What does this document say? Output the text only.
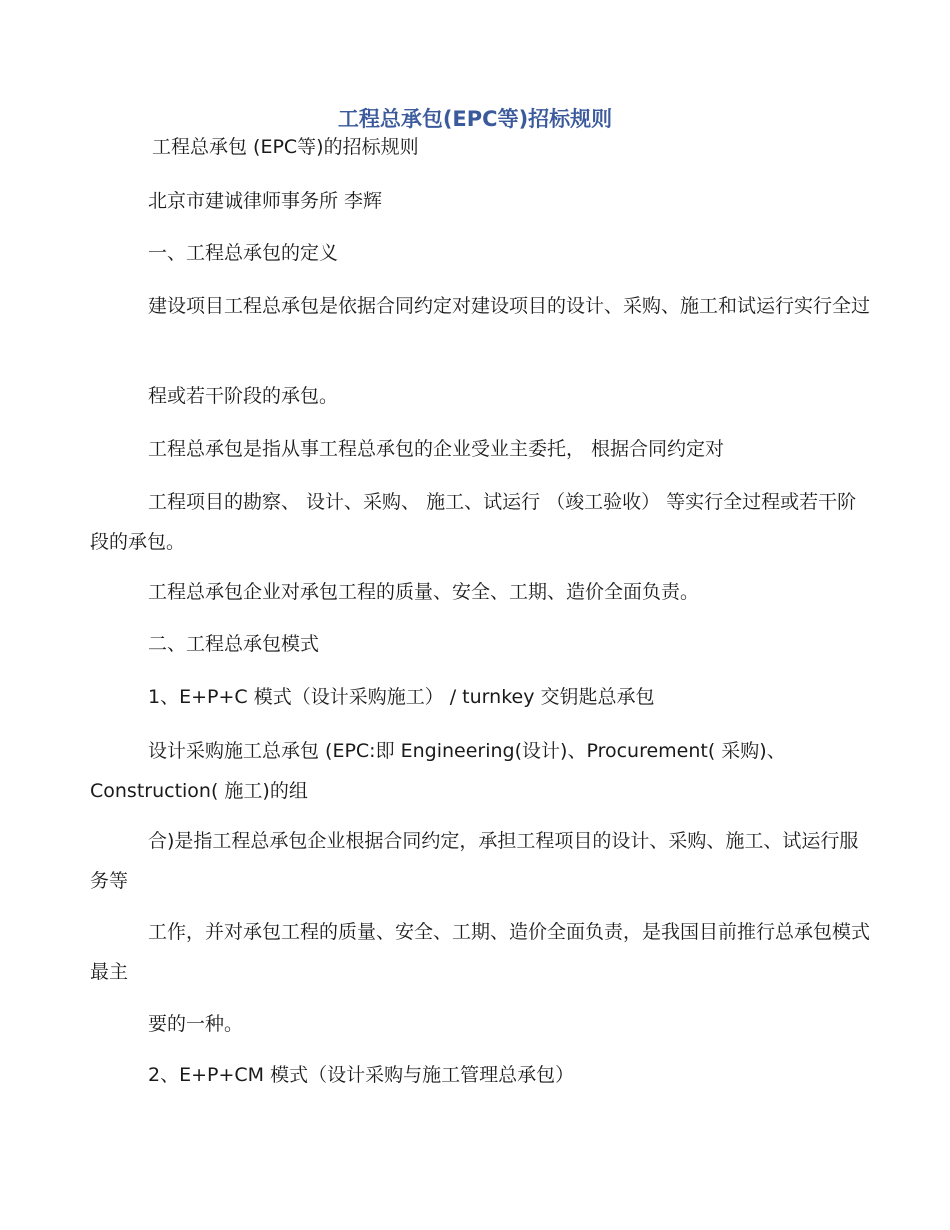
工程总承包(EPC等)招标规则

工程总承包 (EPC等)的招标规则

北京市建诚律师事务所 李辉

一、工程总承包的定义

建设项目工程总承包是依据合同约定对建设项目的设计、采购、施工和试运行实行全过

程或若干阶段的承包。

工程总承包是指从事工程总承包的企业受业主委托， 根据合同约定对

工程项目的勘察、 设计、采购、 施工、试运行 （竣工验收） 等实行全过程或若干阶段的承包。

工程总承包企业对承包工程的质量、安全、工期、造价全面负责。

二、工程总承包模式

1、E+P+C 模式（设计采购施工） / turnkey 交钥匙总承包

设计采购施工总承包 (EPC:即 Engineering(设计)、Procurement( 采购)、Construction( 施工)的组

合)是指工程总承包企业根据合同约定，承担工程项目的设计、采购、施工、试运行服务等

工作，并对承包工程的质量、安全、工期、造价全面负责，是我国目前推行总承包模式最主

要的一种。

2、E+P+CM 模式（设计采购与施工管理总承包）
